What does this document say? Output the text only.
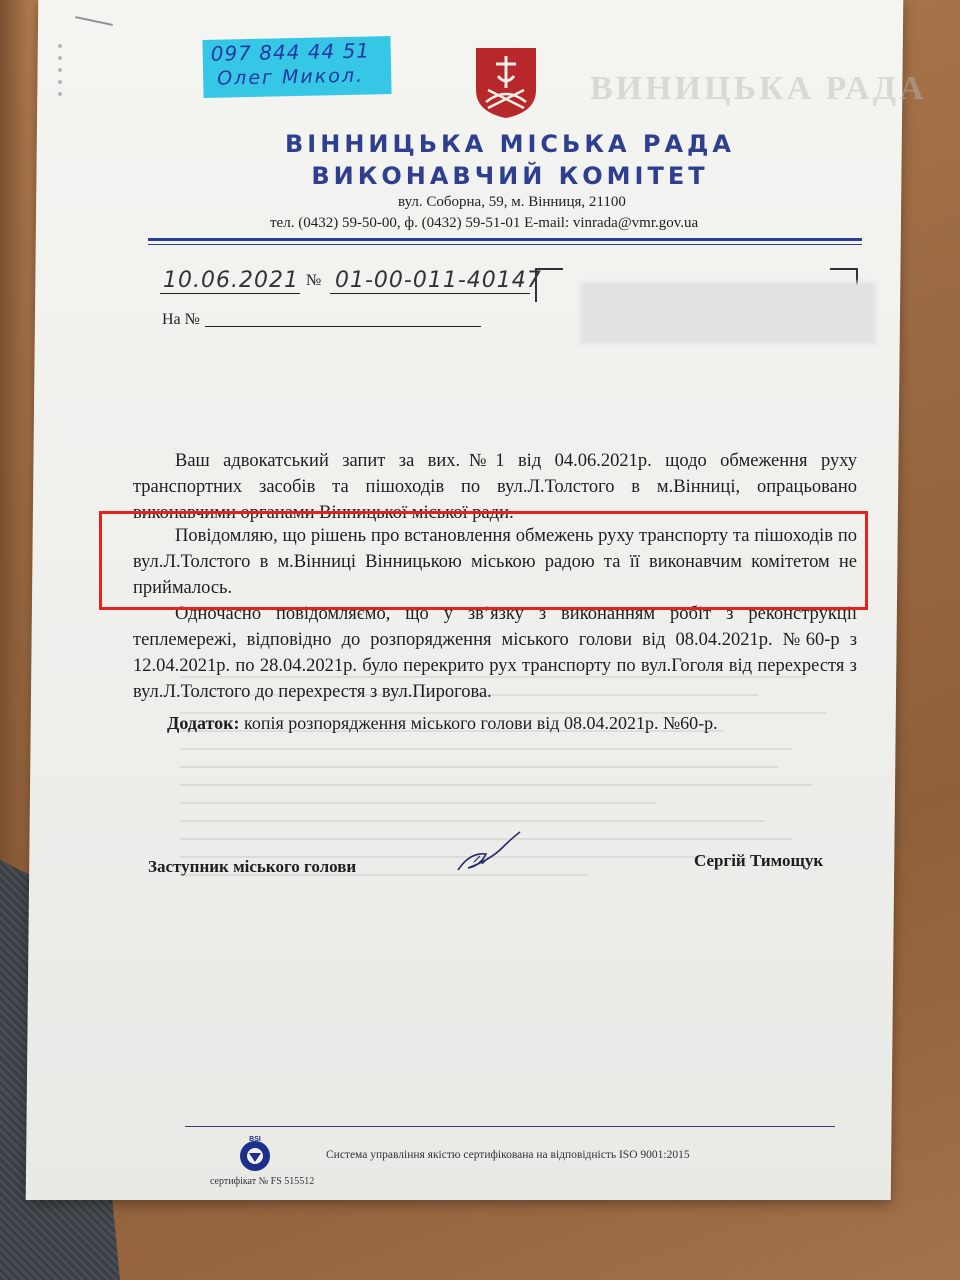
ВИНИЦЬКА РАДА
097 844 44 51
Олег Микол.
ВІННИЦЬКА МІСЬКА РАДА
ВИКОНАВЧИЙ КОМІТЕТ
вул. Соборна, 59, м. Вінниця, 21100
тел. (0432) 59-50-00, ф. (0432) 59-51-01 E-mail: vinrada@vmr.gov.ua
10.06.2021 № 01-00-011-40147
На №
Ваш адвокатський запит за вих.№1 від 04.06.2021р. щодо обмеження руху транспортних засобів та пішоходів по вул.Л.Толстого в м.Вінниці, опрацьовано виконавчими органами Вінницької міської ради.
Повідомляю, що рішень про встановлення обмежень руху транспорту та пішоходів по вул.Л.Толстого в м.Вінниці Вінницькою міською радою та її виконавчим комітетом не приймалось.
Одночасно повідомляємо, що у зв’язку з виконанням робіт з реконструкції теплемережі, відповідно до розпорядження міського голови від 08.04.2021р. №60-р з 12.04.2021р. по 28.04.2021р. було перекрито рух транспорту по вул.Гоголя від перехрестя з вул.Л.Толстого до перехрестя з вул.Пирогова.
Додаток: копія розпорядження міського голови від 08.04.2021р. №60-р.
Заступник міського голови	Сергій Тимощук
BSI
сертифікат № FS 515512
Система управління якістю сертифікована на відповідність ISO 9001:2015
